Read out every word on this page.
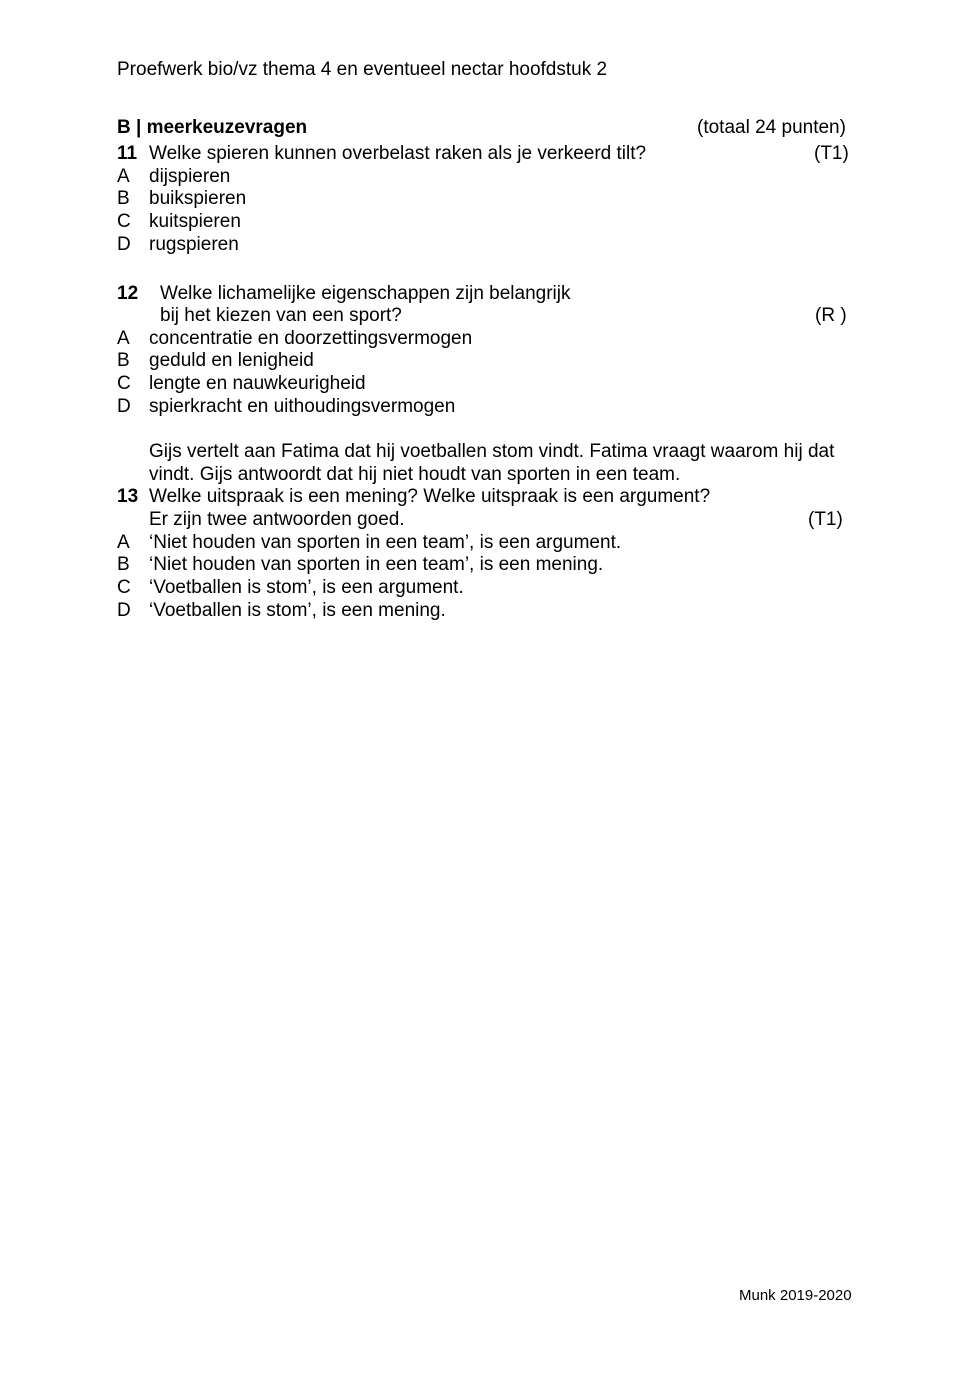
Proefwerk bio/vz thema 4 en eventueel nectar hoofdstuk 2
B | meerkeuzevragen	(totaal 24 punten)
11 Welke spieren kunnen overbelast raken als je verkeerd tilt?	(T1)
A dijspieren
B buikspieren
C kuitspieren
D rugspieren
12 Welke lichamelijke eigenschappen zijn belangrijk
bij het kiezen van een sport?	(R )
A concentratie en doorzettingsvermogen
B geduld en lenigheid
C lengte en nauwkeurigheid
D spierkracht en uithoudingsvermogen
Gijs vertelt aan Fatima dat hij voetballen stom vindt. Fatima vraagt waarom hij dat
vindt. Gijs antwoordt dat hij niet houdt van sporten in een team.
13 Welke uitspraak is een mening? Welke uitspraak is een argument?
Er zijn twee antwoorden goed.	(T1)
A ‘Niet houden van sporten in een team’, is een argument.
B ‘Niet houden van sporten in een team’, is een mening.
C ‘Voetballen is stom’, is een argument.
D ‘Voetballen is stom’, is een mening.
Munk 2019-2020
